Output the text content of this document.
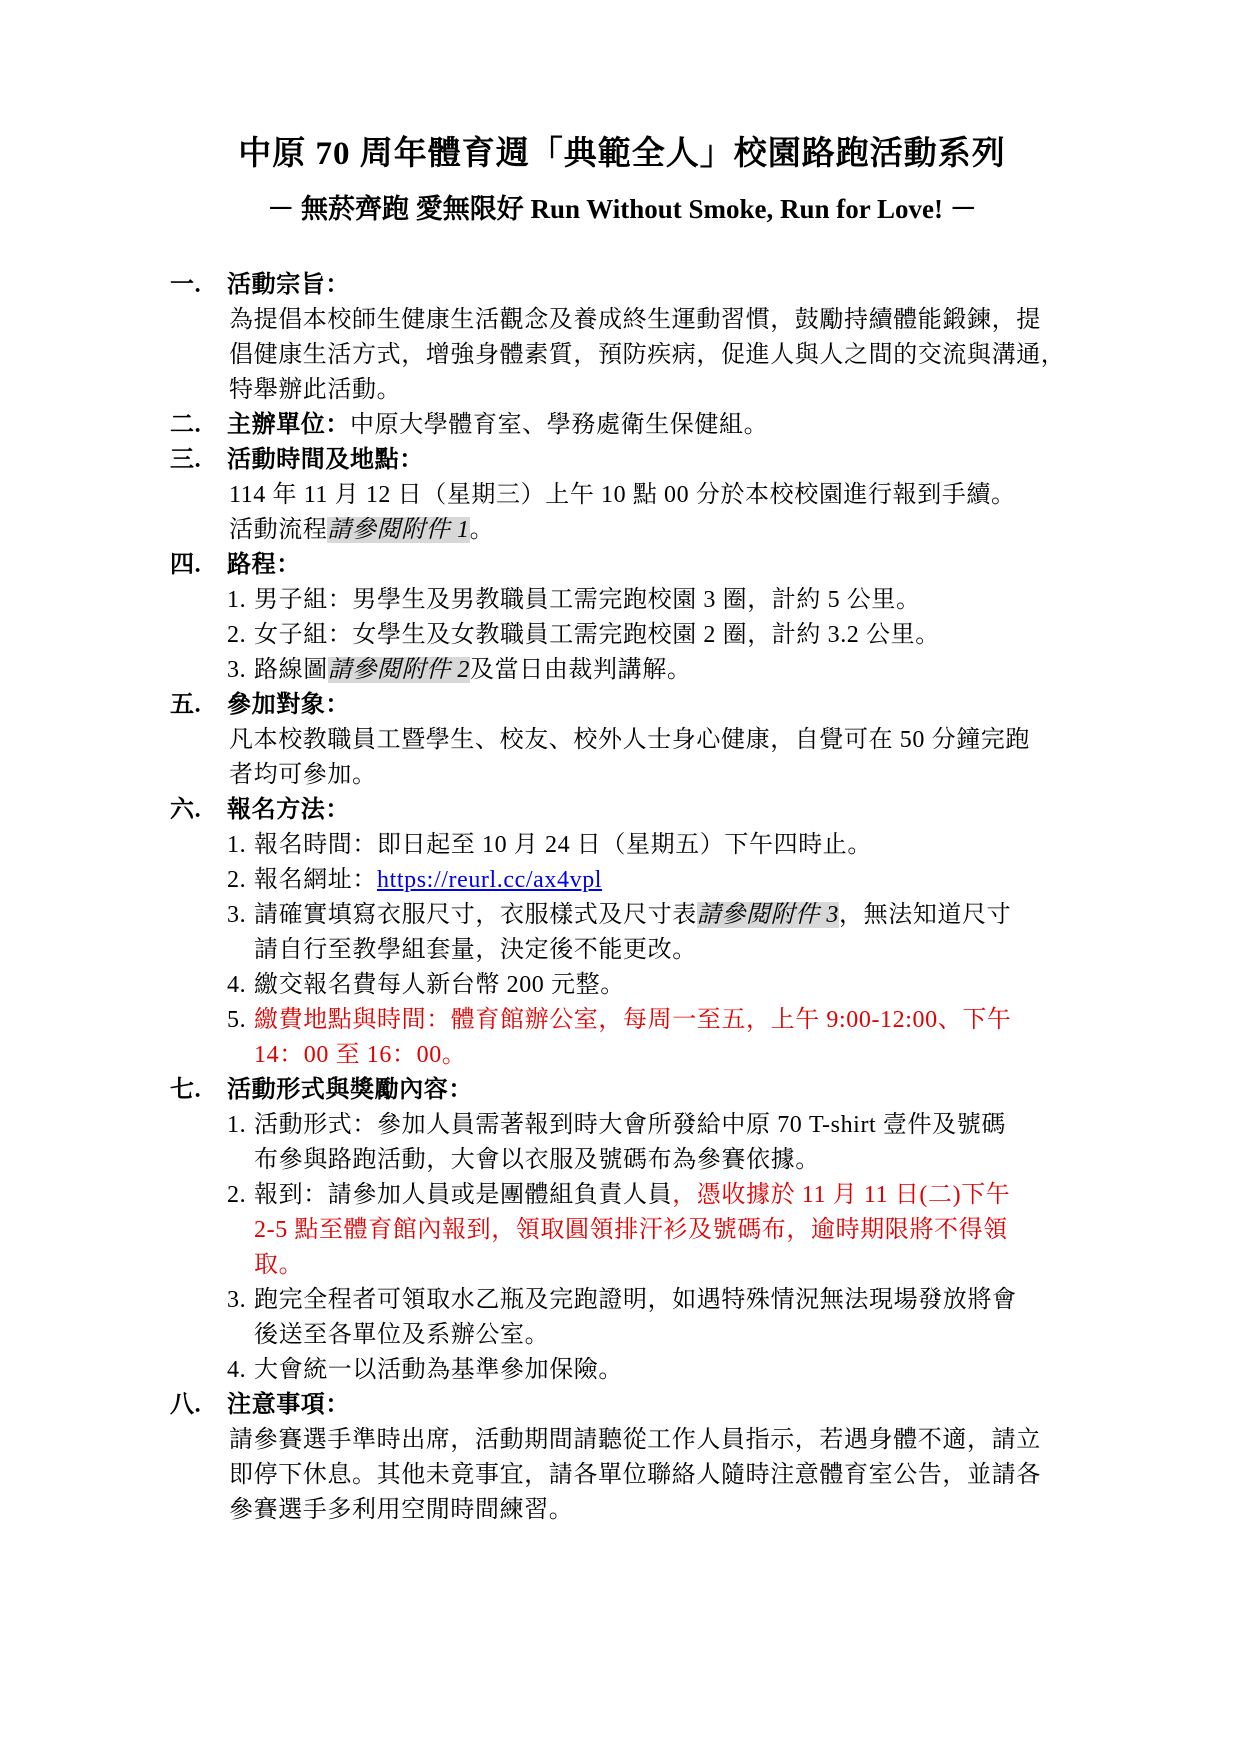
中原 70 周年體育週「典範全人」校園路跑活動系列
－ 無菸齊跑 愛無限好 Run Without Smoke, Run for Love! －
一. 活動宗旨：
為提倡本校師生健康生活觀念及養成終生運動習慣，鼓勵持續體能鍛鍊，提
倡健康生活方式，增強身體素質，預防疾病，促進人與人之間的交流與溝通，
特舉辦此活動。
二. 主辦單位：中原大學體育室、學務處衛生保健組。
三. 活動時間及地點：
114 年 11 月 12 日（星期三）上午 10 點 00 分於本校校園進行報到手續。
活動流程請參閱附件 1。
四. 路程：
1. 男子組：男學生及男教職員工需完跑校園 3 圈，計約 5 公里。
2. 女子組：女學生及女教職員工需完跑校園 2 圈，計約 3.2 公里。
3. 路線圖請參閱附件 2及當日由裁判講解。
五. 參加對象：
凡本校教職員工暨學生、校友、校外人士身心健康，自覺可在 50 分鐘完跑
者均可參加。
六. 報名方法：
1. 報名時間：即日起至 10 月 24 日（星期五）下午四時止。
2. 報名網址：https://reurl.cc/ax4vpl
3. 請確實填寫衣服尺寸，衣服樣式及尺寸表請參閱附件 3，無法知道尺寸
請自行至教學組套量，決定後不能更改。
4. 繳交報名費每人新台幣 200 元整。
5. 繳費地點與時間：體育館辦公室，每周一至五，上午 9:00-12:00、下午
14：00 至 16：00。
七. 活動形式與獎勵內容：
1. 活動形式：參加人員需著報到時大會所發給中原 70 T-shirt 壹件及號碼
布參與路跑活動，大會以衣服及號碼布為參賽依據。
2. 報到：請參加人員或是團體組負責人員，憑收據於 11 月 11 日(二)下午
2-5 點至體育館內報到，領取圓領排汗衫及號碼布，逾時期限將不得領
取。
3. 跑完全程者可領取水乙瓶及完跑證明，如遇特殊情況無法現場發放將會
後送至各單位及系辦公室。
4. 大會統一以活動為基準參加保險。
八. 注意事項：
請參賽選手準時出席，活動期間請聽從工作人員指示，若遇身體不適，請立
即停下休息。其他未竟事宜，請各單位聯絡人隨時注意體育室公告，並請各
參賽選手多利用空閒時間練習。
